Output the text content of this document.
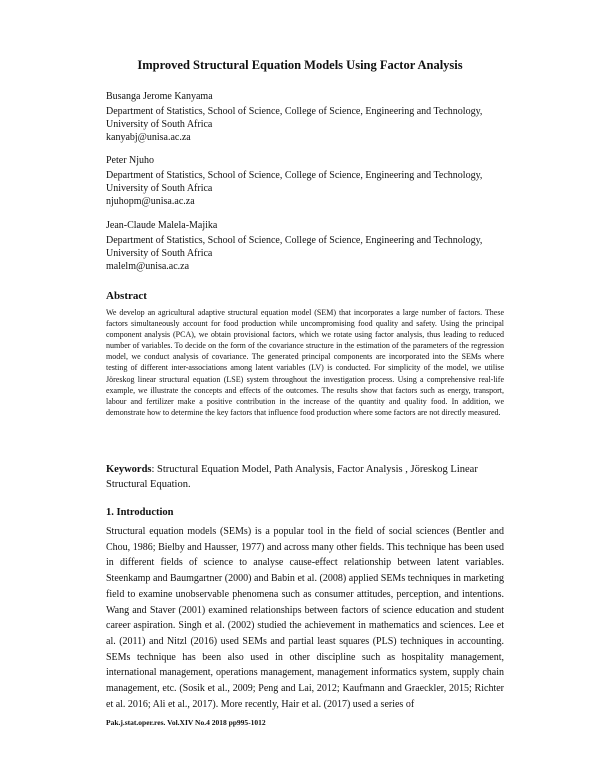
Improved Structural Equation Models Using Factor Analysis
Busanga Jerome Kanyama
Department of Statistics, School of Science, College of Science, Engineering and Technology,
University of South Africa
kanyabj@unisa.ac.za
Peter Njuho
Department of Statistics, School of Science, College of Science, Engineering and Technology,
University of South Africa
njuhopm@unisa.ac.za
Jean-Claude Malela-Majika
Department of Statistics, School of Science, College of Science, Engineering and Technology,
University of South Africa
malelm@unisa.ac.za
Abstract
We develop an agricultural adaptive structural equation model (SEM) that incorporates a large number of factors. These factors simultaneously account for food production while uncompromising food quality and safety. Using the principal component analysis (PCA), we obtain provisional factors, which we rotate using factor analysis, thus leading to reduced number of variables. To decide on the form of the covariance structure in the estimation of the parameters of the regression model, we conduct analysis of covariance. The generated principal components are incorporated into the SEMs where testing of different inter-associations among latent variables (LV) is conducted. For simplicity of the model, we utilise Jöreskog linear structural equation (LSE) system throughout the investigation process. Using a comprehensive real-life example, we illustrate the concepts and effects of the outcomes. The results show that factors such as energy, transport, labour and fertilizer make a positive contribution in the increase of the quantity and quality food. In addition, we demonstrate how to determine the key factors that influence food production where some factors are not directly measured.
Keywords: Structural Equation Model, Path Analysis, Factor Analysis , Jöreskog Linear Structural Equation.
1. Introduction
Structural equation models (SEMs) is a popular tool in the field of social sciences (Bentler and Chou, 1986; Bielby and Hausser, 1977) and across many other fields. This technique has been used in different fields of science to analyse cause-effect relationship between latent variables. Steenkamp and Baumgartner (2000) and Babin et al. (2008) applied SEMs techniques in marketing field to examine unobservable phenomena such as consumer attitudes, perception, and intentions. Wang and Staver (2001) examined relationships between factors of science education and student career aspiration. Singh et al. (2002) studied the achievement in mathematics and sciences. Lee et al. (2011) and Nitzl (2016) used SEMs and partial least squares (PLS) techniques in accounting. SEMs technique has been also used in other discipline such as hospitality management, international management, operations management, management informatics system, supply chain management, etc. (Sosik et al., 2009; Peng and Lai, 2012; Kaufmann and Graeckler, 2015; Richter et al. 2016; Ali et al., 2017). More recently, Hair et al. (2017) used a series of
Pak.j.stat.oper.res. Vol.XIV No.4 2018 pp995-1012
